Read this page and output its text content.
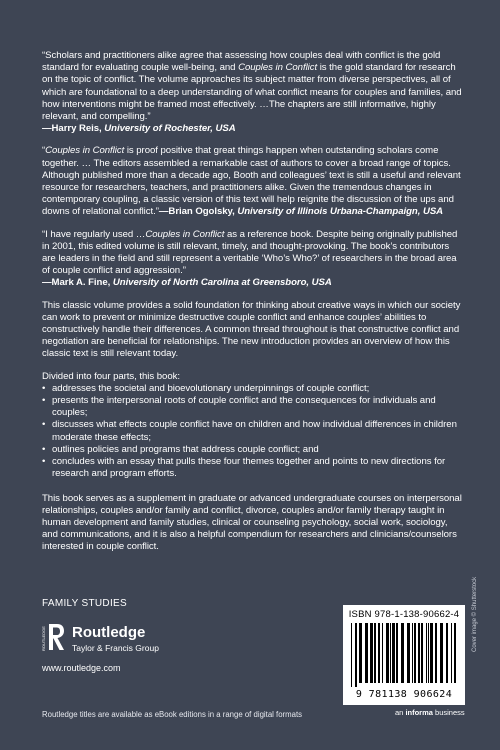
“Scholars and practitioners alike agree that assessing how couples deal with conflict is the gold standard for evaluating couple well-being, and Couples in Conflict is the gold standard for research on the topic of conflict. The volume approaches its subject matter from diverse perspectives, all of which are foundational to a deep understanding of what conflict means for couples and families, and how interventions might be framed most effectively. …The chapters are still informative, highly relevant, and compelling.”
—Harry Reis, University of Rochester, USA
“Couples in Conflict is proof positive that great things happen when outstanding scholars come together. … The editors assembled a remarkable cast of authors to cover a broad range of topics. Although published more than a decade ago, Booth and colleagues’ text is still a useful and relevant resource for researchers, teachers, and practitioners alike. Given the tremendous changes in contemporary coupling, a classic version of this text will help reignite the discussion of the ups and downs of relational conflict.”—Brian Ogolsky, University of Illinois Urbana-Champaign, USA
“I have regularly used …Couples in Conflict as a reference book. Despite being originally published in 2001, this edited volume is still relevant, timely, and thought-provoking. The book’s contributors are leaders in the field and still represent a veritable ‘Who’s Who?’ of researchers in the broad area of couple conflict and aggression.”
—Mark A. Fine, University of North Carolina at Greensboro, USA

This classic volume provides a solid foundation for thinking about creative ways in which our society can work to prevent or minimize destructive couple conflict and enhance couples’ abilities to constructively handle their differences. A common thread throughout is that constructive conflict and negotiation are beneficial for relationships. The new introduction provides an overview of how this classic text is still relevant today.

Divided into four parts, this book:

• addresses the societal and bioevolutionary underpinnings of couple conflict;
• presents the interpersonal roots of couple conflict and the consequences for individuals and couples;
• discusses what effects couple conflict have on children and how individual differences in children moderate these effects;
• outlines policies and programs that address couple conflict; and
• concludes with an essay that pulls these four themes together and points to new directions for research and program efforts.

This book serves as a supplement in graduate or advanced undergraduate courses on interpersonal relationships, couples and/or family and conflict, divorce, couples and/or family therapy taught in human development and family studies, clinical or counseling psychology, social work, sociology, and communications, and it is also a helpful compendium for researchers and clinicians/counselors interested in couple conflict.

FAMILY STUDIES
ROUTLEDGE Routledge
Taylor & Francis Group
www.routledge.com
Routledge titles are available as eBook editions in a range of digital formats
ISBN 978-1-138-90662-4
9 781138 906624
Cover image © Shutterstock
an informa business
